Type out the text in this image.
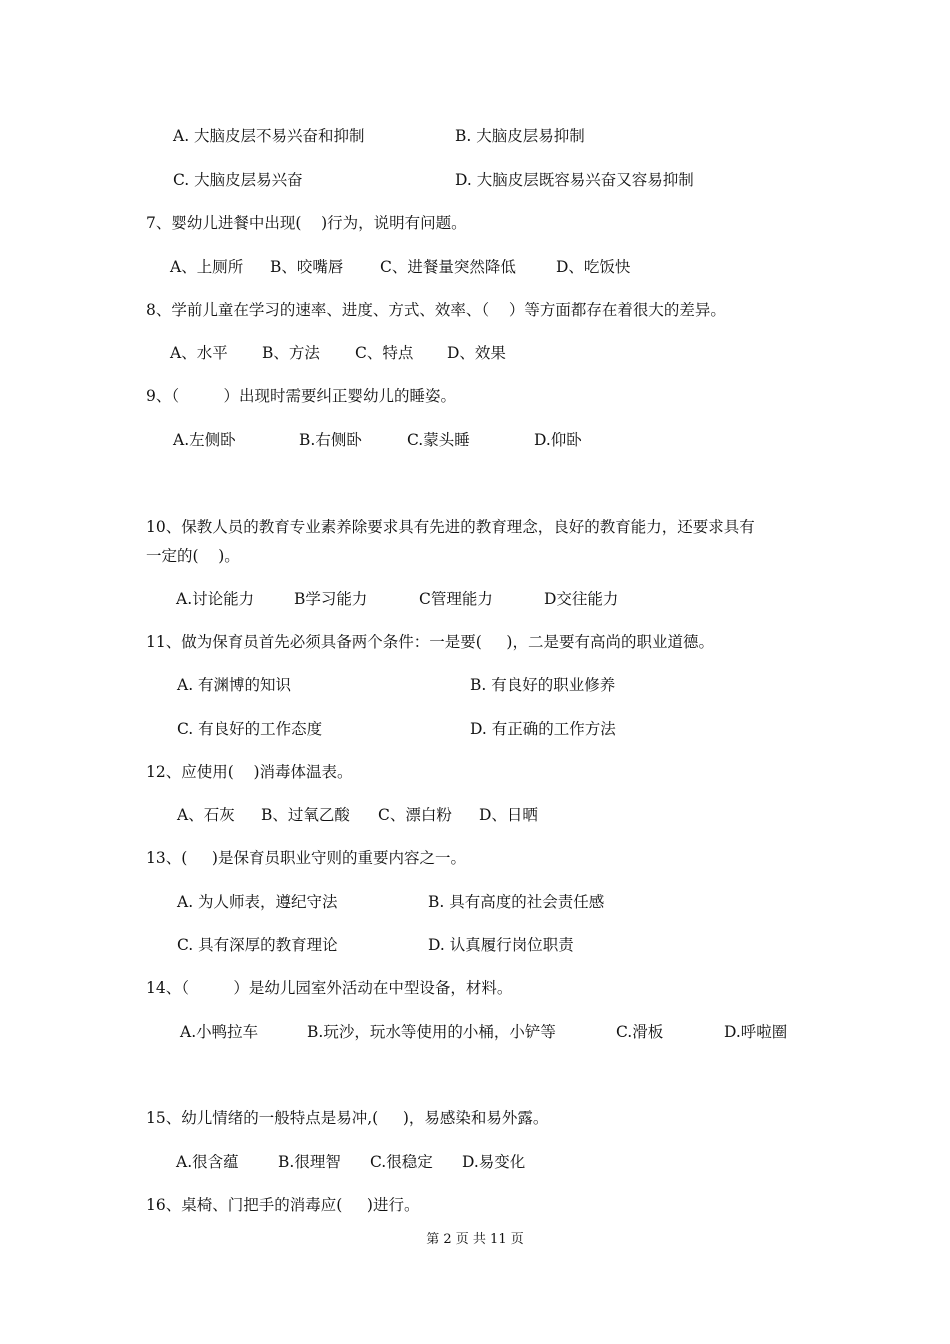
A. 大脑皮层不易兴奋和抑制	B. 大脑皮层易抑制
C. 大脑皮层易兴奋	D. 大脑皮层既容易兴奋又容易抑制
7、婴幼儿进餐中出现(    )行为，说明有问题。
A、上厕所 B、咬嘴唇 C、进餐量突然降低	D、吃饭快
8、学前儿童在学习的速率、进度、方式、效率、（    ）等方面都存在着很大的差异。
A、水平 B、方法 C、特点 D、效果
9、（         ）出现时需要纠正婴幼儿的睡姿。
A.左侧卧	B.右侧卧	C.蒙头睡	D.仰卧
10、保教人员的教育专业素养除要求具有先进的教育理念，良好的教育能力，还要求具有
一定的(    )。
A.讨论能力	B学习能力	C管理能力	D交往能力
11、做为保育员首先必须具备两个条件：一是要(     )，二是要有高尚的职业道德。
A. 有渊博的知识	B. 有良好的职业修养
C. 有良好的工作态度	D. 有正确的工作方法
12、应使用(    )消毒体温表。
A、石灰 B、过氧乙酸 C、漂白粉 D、日晒
13、(     )是保育员职业守则的重要内容之一。
A. 为人师表，遵纪守法	B. 具有高度的社会责任感
C. 具有深厚的教育理论	D. 认真履行岗位职责
14、（         ）是幼儿园室外活动在中型设备，材料。
A.小鸭拉车	B.玩沙，玩水等使用的小桶，小铲等	C.滑板	D.呼啦圈
15、幼儿情绪的一般特点是易冲,(     )，易感染和易外露。
A.很含蕴	B.很理智 C.很稳定 D.易变化
16、桌椅、门把手的消毒应(     )进行。
第 2 页 共 11 页
